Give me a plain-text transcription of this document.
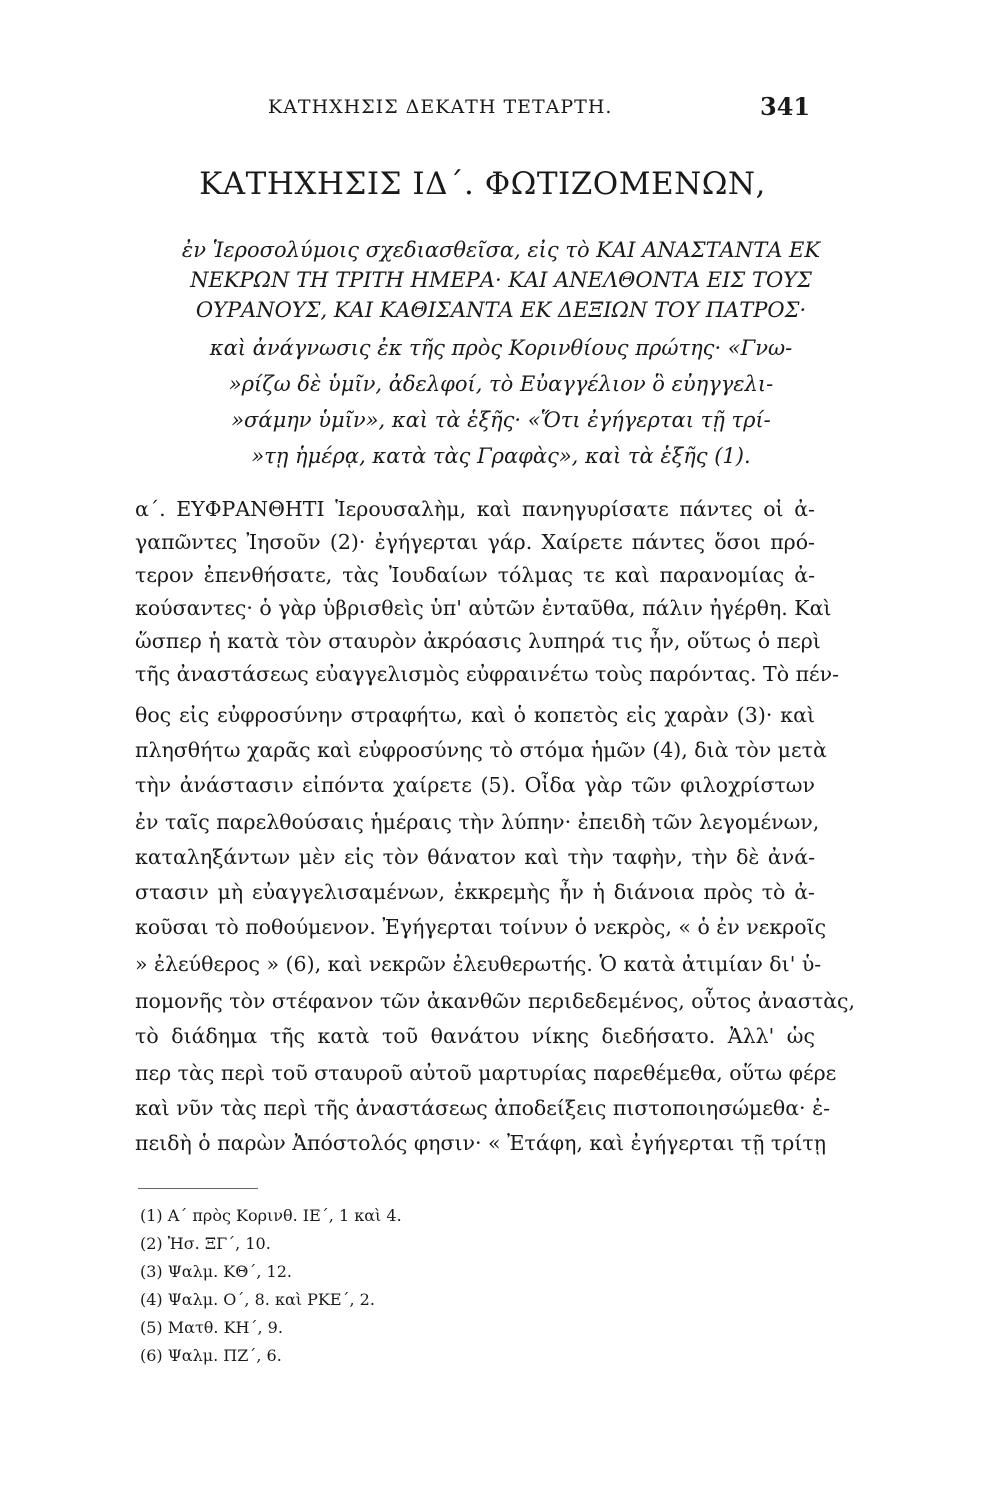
ΚΑΤΗΧΗΣΙΣ ΔΕΚΑΤΗ ΤΕΤΑΡΤΗ.	341
ΚΑΤΗΧΗΣΙΣ ΙΔ΄. ΦΩΤΙΖΟΜΕΝΩΝ,
ἐν Ἱεροσολύμοις σχεδιασθεῖσα, εἰς τὸ ΚΑΙ ΑΝΑΣΤΑΝΤΑ ΕΚ
ΝΕΚΡΩΝ ΤΗ ΤΡΙΤΗ ΗΜΕΡΑ· ΚΑΙ ΑΝΕΛΘΟΝΤΑ ΕΙΣ ΤΟΥΣ
ΟΥΡΑΝΟΥΣ, ΚΑΙ ΚΑΘΙΣΑΝΤΑ ΕΚ ΔΕΞΙΩΝ ΤΟΥ ΠΑΤΡΟΣ·
καὶ ἀνάγνωσις ἐκ τῆς πρὸς Κορινθίους πρώτης· «Γνω-
»ρίζω δὲ ὑμῖν, ἀδελφοί, τὸ Εὐαγγέλιον ὃ εὐηγγελι-
»σάμην ὑμῖν», καὶ τὰ ἑξῆς· «Ὅτι ἐγήγερται τῇ τρί-
»τῃ ἡμέρᾳ, κατὰ τὰς Γραφὰς», καὶ τὰ ἑξῆς (1).
α΄. ΕΥΦΡΑΝΘΗΤΙ Ἱερουσαλὴμ, καὶ πανηγυρίσατε πάντες οἱ ἀ-
γαπῶντες Ἰησοῦν (2)· ἐγήγερται γάρ. Χαίρετε πάντες ὅσοι πρό-
τερον ἐπενθήσατε, τὰς Ἰουδαίων τόλμας τε καὶ παρανομίας ἀ-
κούσαντες· ὁ γὰρ ὑβρισθεὶς ὑπ' αὐτῶν ἐνταῦθα, πάλιν ἠγέρθη. Καὶ
ὥσπερ ἡ κατὰ τὸν σταυρὸν ἀκρόασις λυπηρά τις ἦν, οὕτως ὁ περὶ
τῆς ἀναστάσεως εὐαγγελισμὸς εὐφραινέτω τοὺς παρόντας. Τὸ πέν-
θος εἰς εὐφροσύνην στραφήτω, καὶ ὁ κοπετὸς εἰς χαρὰν (3)· καὶ
πλησθήτω χαρᾶς καὶ εὐφροσύνης τὸ στόμα ἡμῶν (4), διὰ τὸν μετὰ
τὴν ἀνάστασιν εἰπόντα χαίρετε (5). Οἶδα γὰρ τῶν φιλοχρίστων
ἐν ταῖς παρελθούσαις ἡμέραις τὴν λύπην· ἐπειδὴ τῶν λεγομένων,
καταληξάντων μὲν εἰς τὸν θάνατον καὶ τὴν ταφὴν, τὴν δὲ ἀνά-
στασιν μὴ εὐαγγελισαμένων, ἐκκρεμὴς ἦν ἡ διάνοια πρὸς τὸ ἀ-
κοῦσαι τὸ ποθούμενον. Ἐγήγερται τοίνυν ὁ νεκρὸς, « ὁ ἐν νεκροῖς
» ἐλεύθερος » (6), καὶ νεκρῶν ἐλευθερωτής. Ὁ κατὰ ἀτιμίαν δι' ὑ-
πομονῆς τὸν στέφανον τῶν ἀκανθῶν περιδεδεμένος, οὗτος ἀναστὰς,
τὸ διάδημα τῆς κατὰ τοῦ θανάτου νίκης διεδήσατο. Ἀλλ' ὡς
περ τὰς περὶ τοῦ σταυροῦ αὐτοῦ μαρτυρίας παρεθέμεθα, οὕτω φέρε
καὶ νῦν τὰς περὶ τῆς ἀναστάσεως ἀποδείξεις πιστοποιησώμεθα· ἐ-
πειδὴ ὁ παρὼν Ἀπόστολός φησιν· « Ἐτάφη, καὶ ἐγήγερται τῇ τρίτῃ
(1) Α΄ πρὸς Κορινθ. ΙΕ΄, 1 καὶ 4.
(2) Ἠσ. ΞΓ΄, 10.
(3) Ψαλμ. ΚΘ΄, 12.
(4) Ψαλμ. Ο΄, 8. καὶ ΡΚΕ΄, 2.
(5) Ματθ. ΚΗ΄, 9.
(6) Ψαλμ. ΠΖ΄, 6.
